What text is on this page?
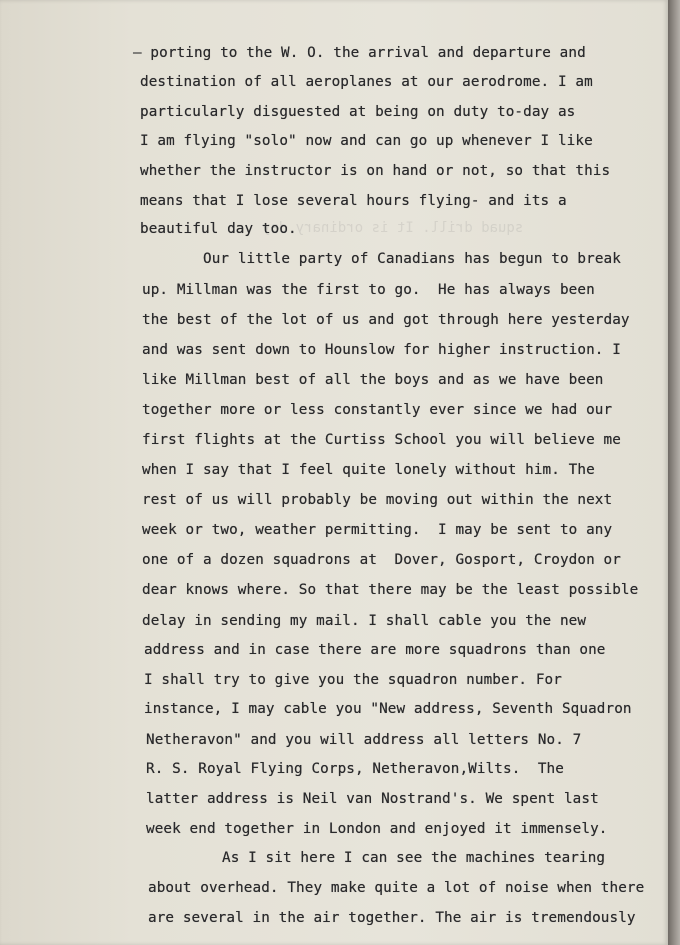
squad drill. It is ordinary day
— porting to the W. O. the arrival and departure and
destination of all aeroplanes at our aerodrome. I am
particularly disguested at being on duty to-day as
I am flying "solo" now and can go up whenever I like
whether the instructor is on hand or not, so that this
means that I lose several hours flying- and its a
beautiful day too.
Our little party of Canadians has begun to break
up. Millman was the first to go.  He has always been
the best of the lot of us and got through here yesterday
and was sent down to Hounslow for higher instruction. I
like Millman best of all the boys and as we have been
together more or less constantly ever since we had our
first flights at the Curtiss School you will believe me
when I say that I feel quite lonely without him. The
rest of us will probably be moving out within the next
week or two, weather permitting.  I may be sent to any
one of a dozen squadrons at  Dover, Gosport, Croydon or
dear knows where. So that there may be the least possible
delay in sending my mail. I shall cable you the new
address and in case there are more squadrons than one
I shall try to give you the squadron number. For
instance, I may cable you "New address, Seventh Squadron
Netheravon" and you will address all letters No. 7
R. S. Royal Flying Corps, Netheravon,Wilts.  The
latter address is Neil van Nostrand's. We spent last
week end together in London and enjoyed it immensely.
As I sit here I can see the machines tearing
about overhead. They make quite a lot of noise when there
are several in the air together. The air is tremendously
